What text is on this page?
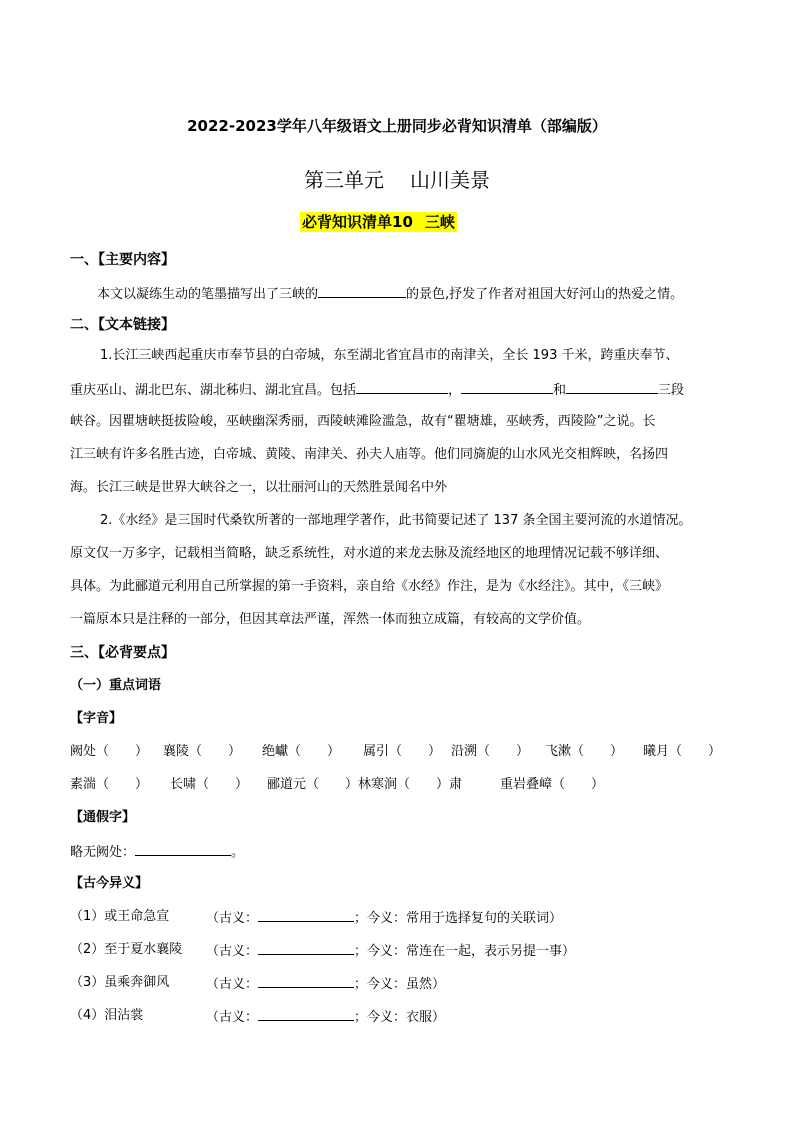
2022-2023学年八年级语文上册同步必背知识清单（部编版）
第三单元 山川美景
必背知识清单10 三峡
一、【主要内容】
本文以凝练生动的笔墨描写出了三峡的	的景色,抒发了作者对祖国大好河山的热爱之情。
二、【文本链接】
1.长江三峡西起重庆市奉节县的白帝城，东至湖北省宜昌市的南津关，全长 193 千米，跨重庆奉节、
重庆巫山、湖北巴东、湖北秭归、湖北宜昌。包括	，	和	三段
峡谷。因瞿塘峡挺拔险峻，巫峡幽深秀丽，西陵峡滩险滥急，故有“瞿塘雄，巫峡秀，西陵险”之说。长
江三峡有许多名胜古迹，白帝城、黄陵、南津关、孙夫人庙等。他们同旖旎的山水风光交相辉映，名扬四
海。长江三峡是世界大峡谷之一，以壮丽河山的天然胜景闻名中外
2.《水经》是三国时代桑钦所著的一部地理学著作，此书简要记述了 137 条全国主要河流的水道情况。
原文仅一万多字，记载相当简略，缺乏系统性，对水道的来龙去脉及流经地区的地理情况记载不够详细、
具体。为此郦道元利用自己所掌握的第一手资料，亲自给《水经》作注，是为《水经注》。其中，《三峡》
一篇原本只是注释的一部分，但因其章法严谨，浑然一体而独立成篇，有较高的文学价值。
三、【必背要点】
（一）重点词语
【字音】
阙处（　　） 襄陵（　　） 绝巘（　　） 属引（　　） 沿溯（　　） 飞漱（　　） 曦月（　　）
素湍（　　） 长啸（　　） 郦道元（　　） 林寒涧（　　）肃	重岩叠嶂（　　）
【通假字】
略无阙处：	。
【古今异义】
（1）或王命急宣	（古义：	；今义：常用于选择复句的关联词）
（2）至于夏水襄陵 （古义：	；今义：常连在一起，表示另提一事）
（3）虽乘奔御风	（古义：	；今义：虽然）
（4）泪沾裳	（古义：	；今义：衣服）
